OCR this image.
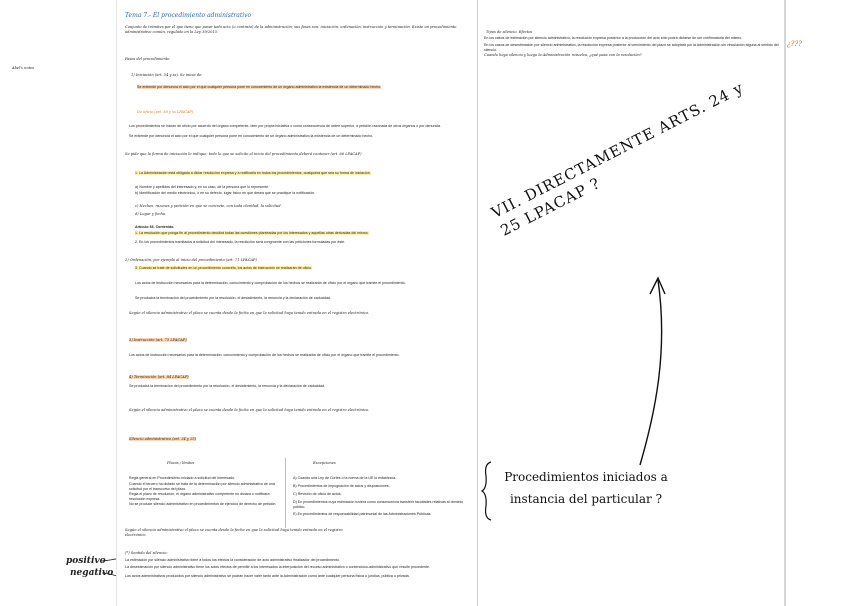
Abel's notes
positivo
negativo
Tema 7.- El procedimiento administrativo
Conjunto de trámites por el que tiene que pasar todo acto (o contrato) de la administración; sus fases son: iniciación, ordenación, instrucción y terminación. Existe un procedimiento administrativo común, regulado en la Ley 39/2015.
Fases del procedimiento
1) Iniciación (art. 54 y ss). Se inicia de:
Se entiende por denuncia el acto por el que cualquier persona pone en conocimiento de un órgano administrativo la existencia de un determinado hecho.
De oficio (art. 58 y ss LPACAP)
Los procedimientos se inician de oficio por acuerdo del órgano competente, bien por propia iniciativa o como consecuencia de orden superior, a petición razonada de otros órganos o por denuncia.
Se entiende por denuncia el acto por el que cualquier persona pone en conocimiento de un órgano administrativo la existencia de un determinado hecho.
Se pide que la forma de iniciación lo indique: todo lo que se solicite al inicio del procedimiento deberá contener (art. 66 LPACAP)
1. La Administración está obligada a dictar resolución expresa y a notificarla en todos los procedimientos, cualquiera que sea su forma de iniciación.
a) Nombre y apellidos del interesado y, en su caso, de la persona que lo represente.
b) Identificación del medio electrónico, o en su defecto, lugar físico en que desea que se practique la notificación.
c) Hechos, razones y petición en que se concrete, con toda claridad, la solicitud.
d) Lugar y fecha.
Artículo 66. Contenido.
1. La resolución que ponga fin al procedimiento decidirá todas las cuestiones planteadas por los interesados y aquellas otras derivadas del mismo.
2. En los procedimientos tramitados a solicitud del interesado, la resolución será congruente con las peticiones formuladas por éste.
2) Ordenación, por ejemplo al inicio del procedimiento (art. 71 LPACAP)
3. Cuando se trate de solicitudes en un procedimiento concreto, los actos de instrucción se realizarán de oficio.
Los actos de instrucción necesarios para la determinación, conocimiento y comprobación de los hechos se realizarán de oficio por el órgano que tramite el procedimiento.
Se producirá la terminación del procedimiento por la resolución, el desistimiento, la renuncia y la declaración de caducidad.
Según el silencio administrativo el plazo se cuenta desde la fecha en que la solicitud haya tenido entrada en el registro electrónico.
3) Instrucción (art. 75 LPACAP)
Los actos de instrucción necesarios para la determinación, conocimiento y comprobación de los hechos se realizarán de oficio por el órgano que tramite el procedimiento.
4) Terminación (art. 84 LPACAP)
Se producirá la terminación del procedimiento por la resolución, el desistimiento, la renuncia y la declaración de caducidad.
Según el silencio administrativo el plazo se cuenta desde la fecha en que la solicitud haya tenido entrada en el registro electrónico.
Silencio administrativo (art. 24 y 25)
Plazos / límites	Excepciones
Regla general en Procedimiento iniciado a solicitud del interesado.
Cuando el tercero ha dictado se trata de la determinación por silencio administrativo de una solicitud por el transcurso del plazo.
Regla el plazo de resolución, el órgano administrativo competente no dictara o notificara resolución expresa.
No se produce silencio administrativo en procedimientos de ejercicio de derecho de petición.
A) Cuando una Ley de Cortes o la norma de la UE lo establezca.
B) Procedimientos de impugnación de actos y disposiciones.
C) Revisión de oficio de actos.
D) En procedimientos cuya estimación tuviera como consecuencia transferir facultades relativas al dominio público.
E) En procedimientos de responsabilidad patrimonial de las Administraciones Públicas.
Según el silencio administrativo el plazo se cuenta desde la fecha en que la solicitud haya tenido entrada en el registro electrónico.
(*) Sentido del silencio:
La estimación por silencio administrativo tiene a todos los efectos la consideración de acto administrativo finalizador del procedimiento.
La desestimación por silencio administrativo tiene los solos efectos de permitir a los interesados la interposición del recurso administrativo o contencioso-administrativo que resulte procedente.
Los actos administrativos producidos por silencio administrativo se podrán hacer valer tanto ante la Administración como ante cualquier persona física o jurídica, pública o privada.
Tipos de silencio. Efectos
En los casos de estimación por silencio administrativo, la resolución expresa posterior a la producción del acto sólo podrá dictarse de ser confirmatoria del mismo.
En los casos de desestimación por silencio administrativo, la resolución expresa posterior al vencimiento del plazo se adoptará por la Administración sin vinculación alguna al sentido del silencio.
Cuando haya silencio y luego la Administración resuelva, ¿qué pasa con la resolución?
VII. DIRECTAMENTE ARTS. 24 y 25 LPACAP ?
Procedimientos iniciados a instancia del particular ?
¿???
